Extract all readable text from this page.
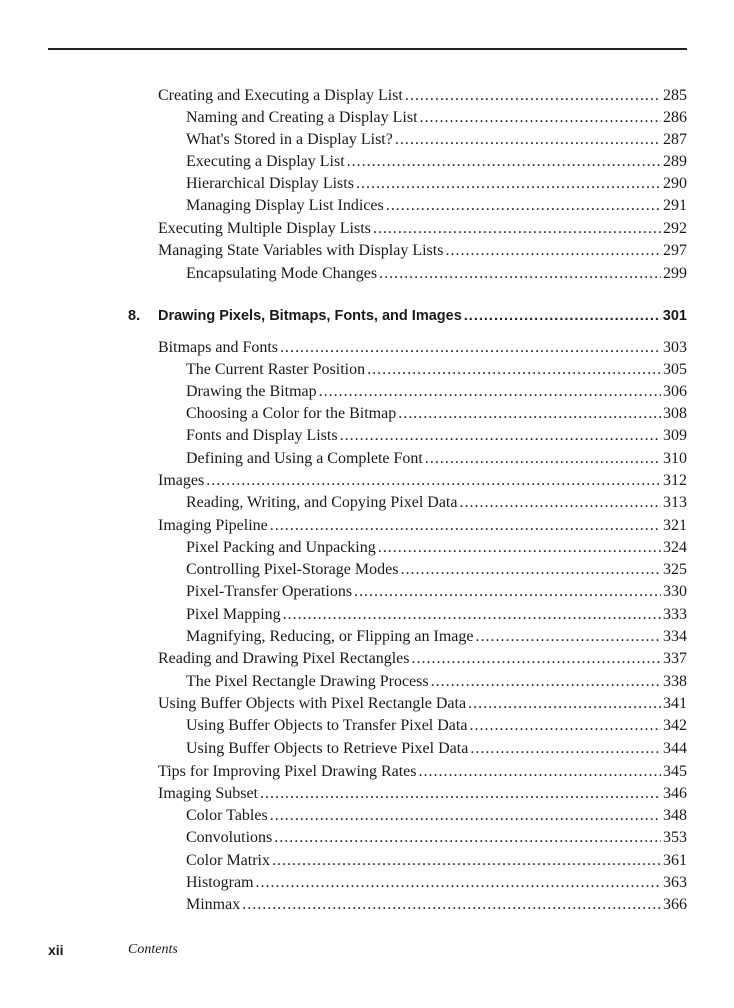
Creating and Executing a Display List .....	285
Naming and Creating a Display List .....	286
What's Stored in a Display List? .....	287
Executing a Display List .....	289
Hierarchical Display Lists .....	290
Managing Display List Indices .....	291
Executing Multiple Display Lists .....	292
Managing State Variables with Display Lists .....	297
Encapsulating Mode Changes .....	299
8. Drawing Pixels, Bitmaps, Fonts, and Images .....	301
Bitmaps and Fonts .....	303
The Current Raster Position .....	305
Drawing the Bitmap .....	306
Choosing a Color for the Bitmap .....	308
Fonts and Display Lists .....	309
Defining and Using a Complete Font .....	310
Images .....	312
Reading, Writing, and Copying Pixel Data .....	313
Imaging Pipeline .....	321
Pixel Packing and Unpacking .....	324
Controlling Pixel-Storage Modes .....	325
Pixel-Transfer Operations .....	330
Pixel Mapping .....	333
Magnifying, Reducing, or Flipping an Image .....	334
Reading and Drawing Pixel Rectangles .....	337
The Pixel Rectangle Drawing Process .....	338
Using Buffer Objects with Pixel Rectangle Data .....	341
Using Buffer Objects to Transfer Pixel Data .....	342
Using Buffer Objects to Retrieve Pixel Data .....	344
Tips for Improving Pixel Drawing Rates .....	345
Imaging Subset .....	346
Color Tables .....	348
Convolutions .....	353
Color Matrix .....	361
Histogram .....	363
Minmax .....	366
xii	Contents
